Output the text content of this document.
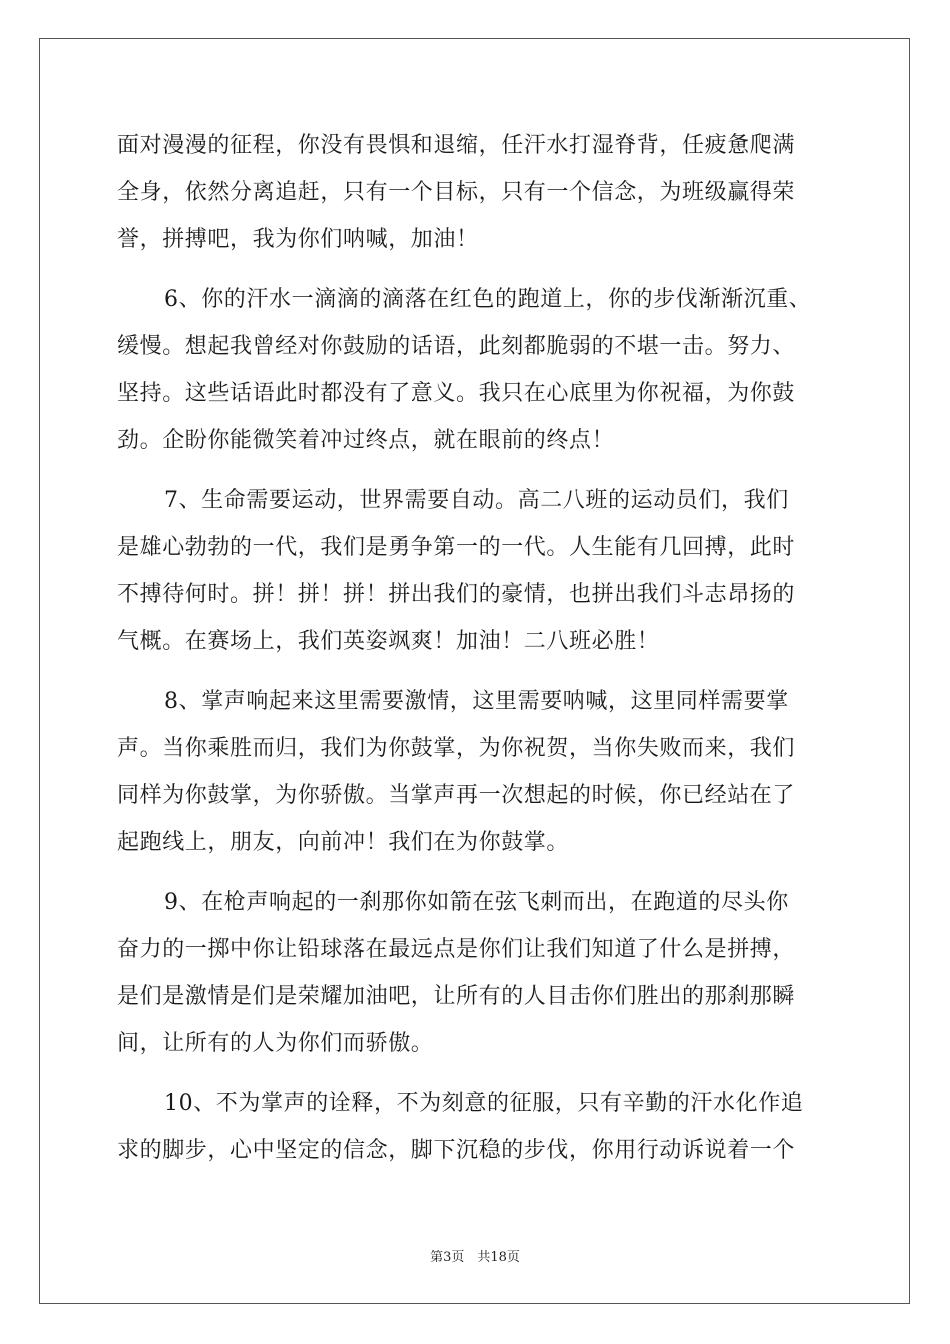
面对漫漫的征程，你没有畏惧和退缩，任汗水打湿脊背，任疲惫爬满
全身，依然分离追赶，只有一个目标，只有一个信念，为班级赢得荣
誉，拼搏吧，我为你们呐喊，加油！
6、你的汗水一滴滴的滴落在红色的跑道上，你的步伐渐渐沉重、
缓慢。想起我曾经对你鼓励的话语，此刻都脆弱的不堪一击。努力、
坚持。这些话语此时都没有了意义。我只在心底里为你祝福，为你鼓
劲。企盼你能微笑着冲过终点，就在眼前的终点！
7、生命需要运动，世界需要自动。高二八班的运动员们，我们
是雄心勃勃的一代，我们是勇争第一的一代。人生能有几回搏，此时
不搏待何时。拼！拼！拼！拼出我们的豪情，也拼出我们斗志昂扬的
气概。在赛场上，我们英姿飒爽！加油！二八班必胜！
8、掌声响起来这里需要激情，这里需要呐喊，这里同样需要掌
声。当你乘胜而归，我们为你鼓掌，为你祝贺，当你失败而来，我们
同样为你鼓掌，为你骄傲。当掌声再一次想起的时候，你已经站在了
起跑线上，朋友，向前冲！我们在为你鼓掌。
9、在枪声响起的一刹那你如箭在弦飞刺而出，在跑道的尽头你
奋力的一掷中你让铅球落在最远点是你们让我们知道了什么是拼搏，
是们是激情是们是荣耀加油吧，让所有的人目击你们胜出的那刹那瞬
间，让所有的人为你们而骄傲。
10、不为掌声的诠释，不为刻意的征服，只有辛勤的汗水化作追
求的脚步，心中坚定的信念，脚下沉稳的步伐，你用行动诉说着一个
第3页　共18页
